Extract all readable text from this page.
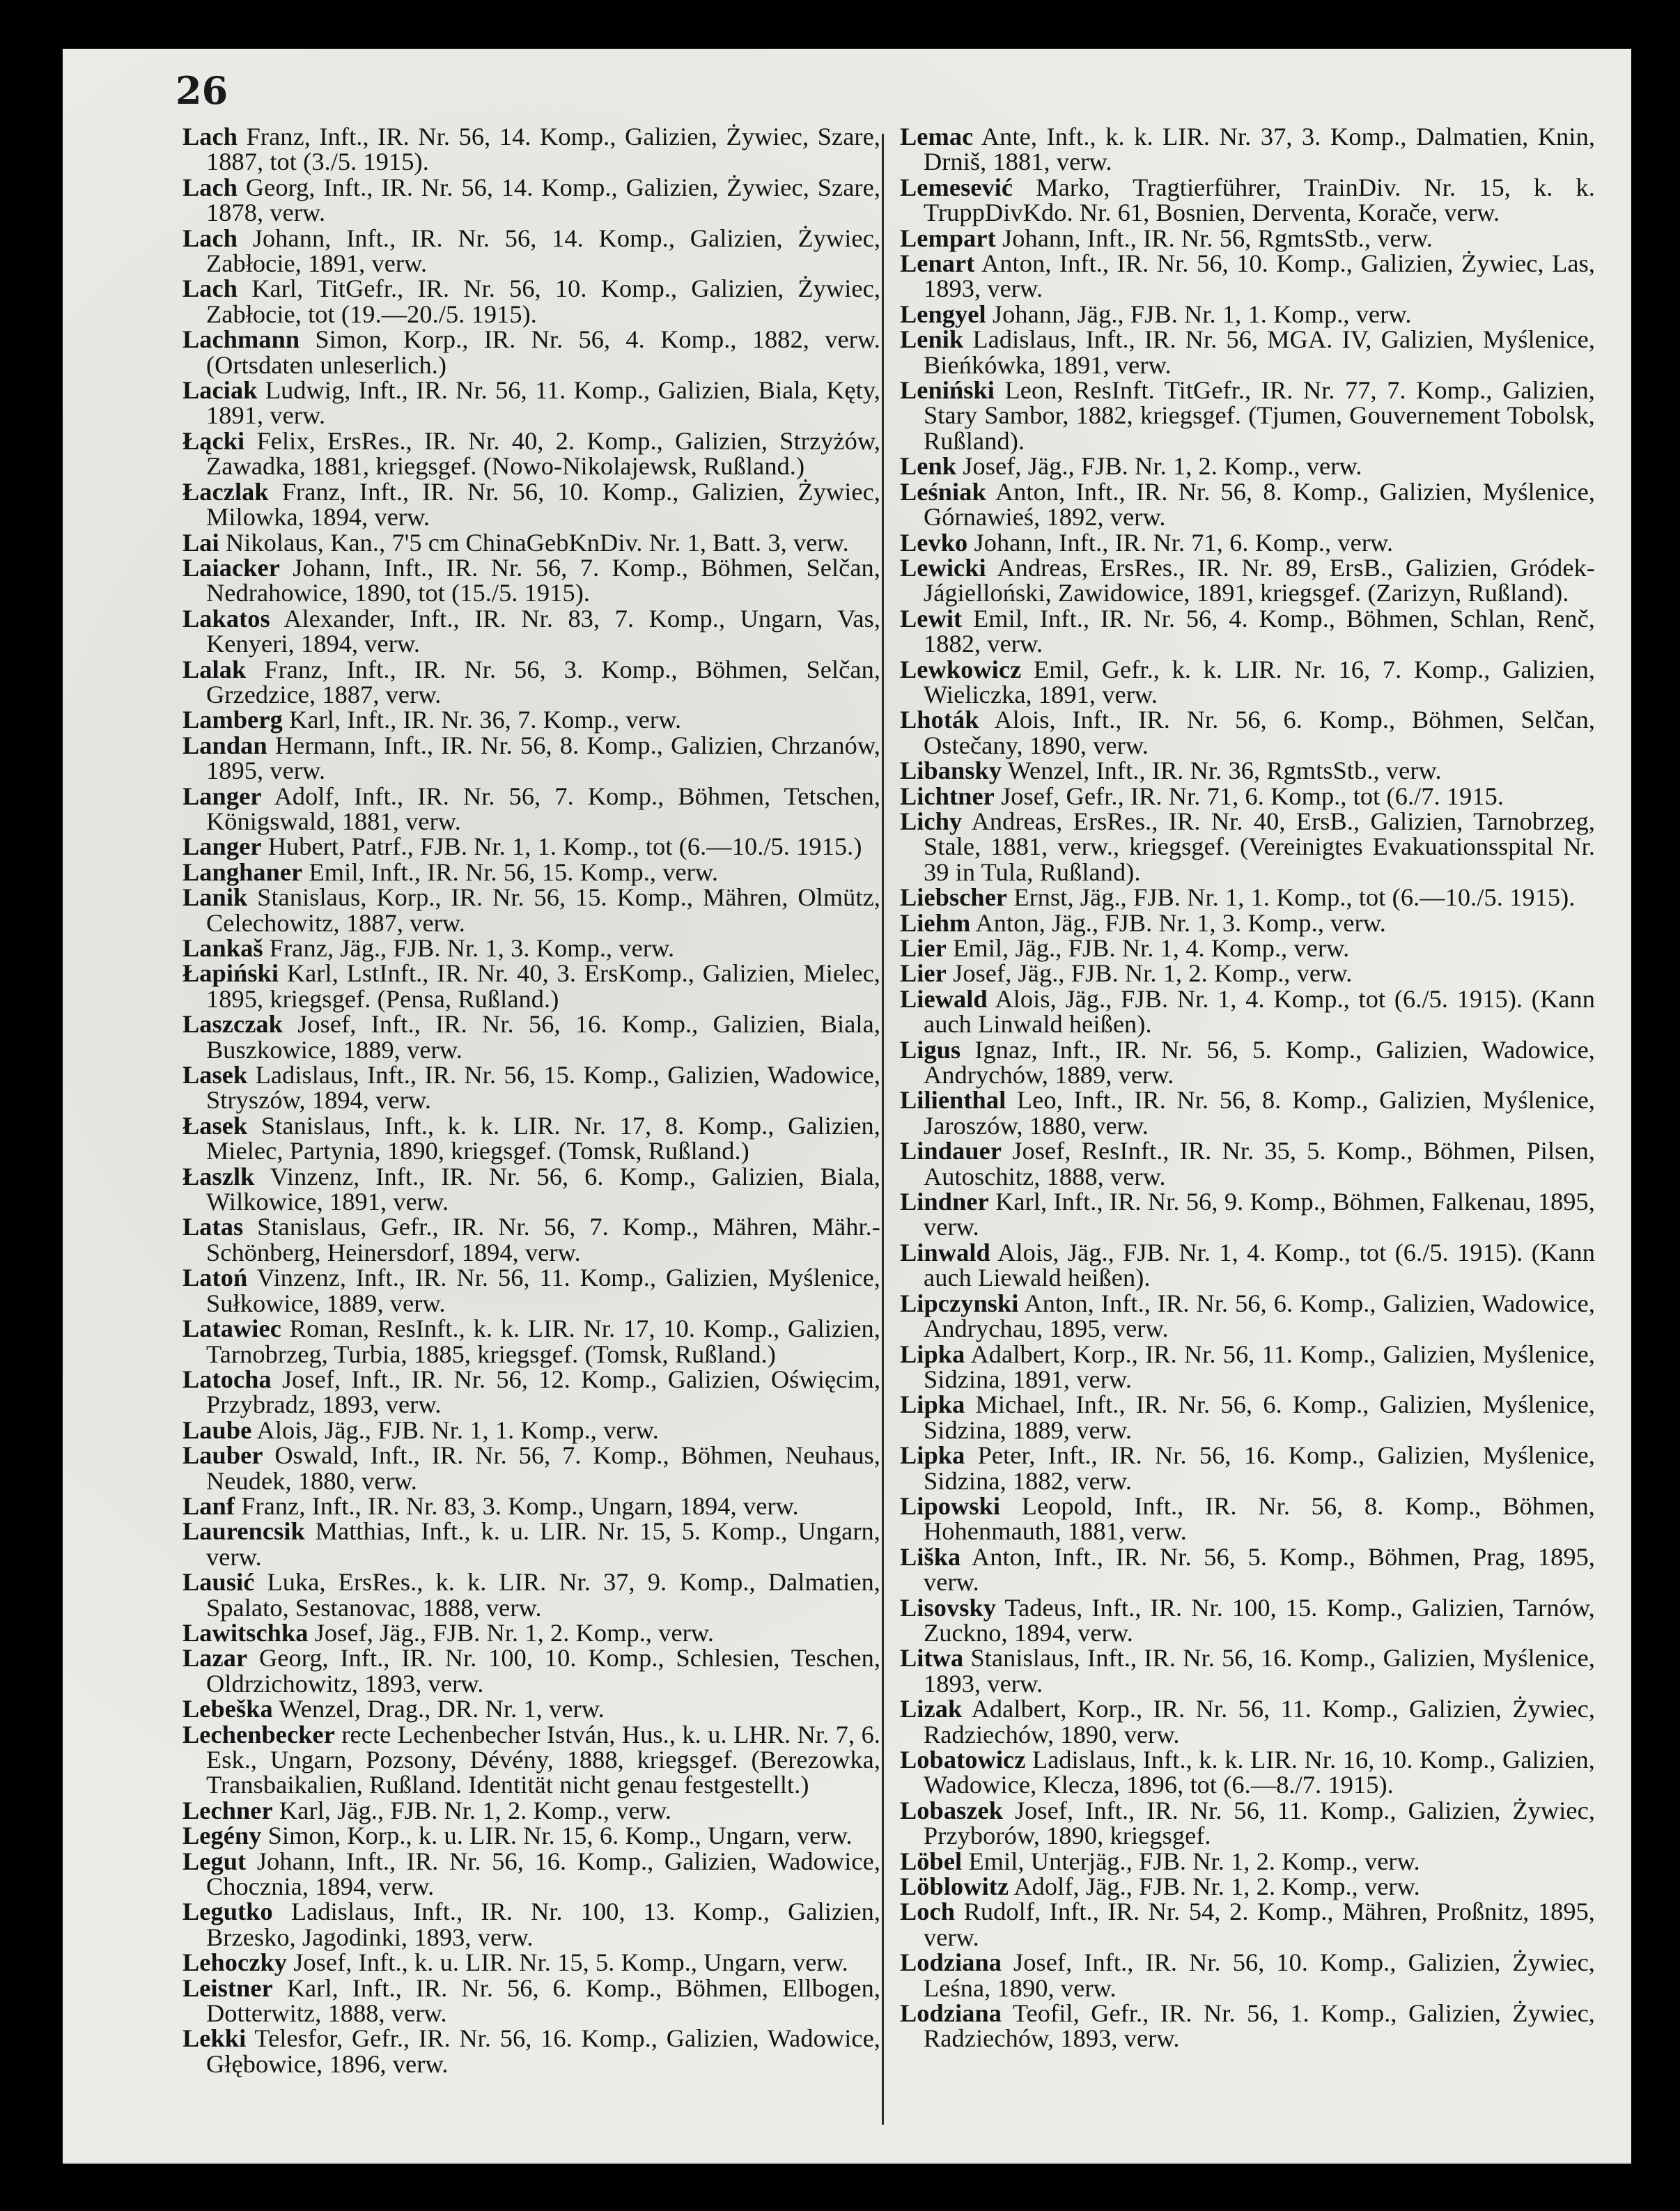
26
Lach Franz, Inft., IR. Nr. 56, 14. Komp., Galizien, Żywiec, Szare, 1887, tot (3./5. 1915).
Lach Georg, Inft., IR. Nr. 56, 14. Komp., Galizien, Żywiec, Szare, 1878, verw.
Lach Johann, Inft., IR. Nr. 56, 14. Komp., Galizien, Żywiec, Zabłocie, 1891, verw.
Lach Karl, TitGefr., IR. Nr. 56, 10. Komp., Galizien, Żywiec, Zabłocie, tot (19.—20./5. 1915).
Lachmann Simon, Korp., IR. Nr. 56, 4. Komp., 1882, verw. (Ortsdaten unleserlich.)
Laciak Ludwig, Inft., IR. Nr. 56, 11. Komp., Galizien, Biala, Kęty, 1891, verw.
Łącki Felix, ErsRes., IR. Nr. 40, 2. Komp., Galizien, Strzyżów, Zawadka, 1881, kriegsgef. (Nowo-Nikolajewsk, Rußland.)
Łaczlak Franz, Inft., IR. Nr. 56, 10. Komp., Galizien, Żywiec, Milowka, 1894, verw.
Lai Nikolaus, Kan., 7'5 cm ChinaGebKnDiv. Nr. 1, Batt. 3, verw.
Laiacker Johann, Inft., IR. Nr. 56, 7. Komp., Böhmen, Selčan, Nedrahowice, 1890, tot (15./5. 1915).
Lakatos Alexander, Inft., IR. Nr. 83, 7. Komp., Ungarn, Vas, Kenyeri, 1894, verw.
Lalak Franz, Inft., IR. Nr. 56, 3. Komp., Böhmen, Selčan, Grzedzice, 1887, verw.
Lamberg Karl, Inft., IR. Nr. 36, 7. Komp., verw.
Landan Hermann, Inft., IR. Nr. 56, 8. Komp., Galizien, Chrzanów, 1895, verw.
Langer Adolf, Inft., IR. Nr. 56, 7. Komp., Böhmen, Tetschen, Königswald, 1881, verw.
Langer Hubert, Patrf., FJB. Nr. 1, 1. Komp., tot (6.—10./5. 1915.)
Langhaner Emil, Inft., IR. Nr. 56, 15. Komp., verw.
Lanik Stanislaus, Korp., IR. Nr. 56, 15. Komp., Mähren, Olmütz, Celechowitz, 1887, verw.
Lankaš Franz, Jäg., FJB. Nr. 1, 3. Komp., verw.
Łapiński Karl, LstInft., IR. Nr. 40, 3. ErsKomp., Galizien, Mielec, 1895, kriegsgef. (Pensa, Rußland.)
Laszczak Josef, Inft., IR. Nr. 56, 16. Komp., Galizien, Biala, Buszkowice, 1889, verw.
Lasek Ladislaus, Inft., IR. Nr. 56, 15. Komp., Galizien, Wadowice, Stryszów, 1894, verw.
Łasek Stanislaus, Inft., k. k. LIR. Nr. 17, 8. Komp., Galizien, Mielec, Partynia, 1890, kriegsgef. (Tomsk, Rußland.)
Łaszlk Vinzenz, Inft., IR. Nr. 56, 6. Komp., Galizien, Biala, Wilkowice, 1891, verw.
Latas Stanislaus, Gefr., IR. Nr. 56, 7. Komp., Mähren, Mähr.-Schönberg, Heinersdorf, 1894, verw.
Latoń Vinzenz, Inft., IR. Nr. 56, 11. Komp., Galizien, Myślenice, Sułkowice, 1889, verw.
Latawiec Roman, ResInft., k. k. LIR. Nr. 17, 10. Komp., Galizien, Tarnobrzeg, Turbia, 1885, kriegsgef. (Tomsk, Rußland.)
Latocha Josef, Inft., IR. Nr. 56, 12. Komp., Galizien, Oświęcim, Przybradz, 1893, verw.
Laube Alois, Jäg., FJB. Nr. 1, 1. Komp., verw.
Lauber Oswald, Inft., IR. Nr. 56, 7. Komp., Böhmen, Neuhaus, Neudek, 1880, verw.
Lanf Franz, Inft., IR. Nr. 83, 3. Komp., Ungarn, 1894, verw.
Laurencsik Matthias, Inft., k. u. LIR. Nr. 15, 5. Komp., Ungarn, verw.
Lausić Luka, ErsRes., k. k. LIR. Nr. 37, 9. Komp., Dalmatien, Spalato, Sestanovac, 1888, verw.
Lawitschka Josef, Jäg., FJB. Nr. 1, 2. Komp., verw.
Lazar Georg, Inft., IR. Nr. 100, 10. Komp., Schlesien, Teschen, Oldrzichowitz, 1893, verw.
Lebeška Wenzel, Drag., DR. Nr. 1, verw.
Lechenbecker recte Lechenbecher István, Hus., k. u. LHR. Nr. 7, 6. Esk., Ungarn, Pozsony, Dévény, 1888, kriegsgef. (Berezowka, Transbaikalien, Rußland. Identität nicht genau festgestellt.)
Lechner Karl, Jäg., FJB. Nr. 1, 2. Komp., verw.
Legény Simon, Korp., k. u. LIR. Nr. 15, 6. Komp., Ungarn, verw.
Legut Johann, Inft., IR. Nr. 56, 16. Komp., Galizien, Wadowice, Chocznia, 1894, verw.
Legutko Ladislaus, Inft., IR. Nr. 100, 13. Komp., Galizien, Brzesko, Jagodinki, 1893, verw.
Lehoczky Josef, Inft., k. u. LIR. Nr. 15, 5. Komp., Ungarn, verw.
Leistner Karl, Inft., IR. Nr. 56, 6. Komp., Böhmen, Ellbogen, Dotterwitz, 1888, verw.
Lekki Telesfor, Gefr., IR. Nr. 56, 16. Komp., Galizien, Wadowice, Głębowice, 1896, verw.
Lemac Ante, Inft., k. k. LIR. Nr. 37, 3. Komp., Dalmatien, Knin, Drniš, 1881, verw.
Lemesević Marko, Tragtierführer, TrainDiv. Nr. 15, k. k. TruppDivKdo. Nr. 61, Bosnien, Derventa, Korače, verw.
Lempart Johann, Inft., IR. Nr. 56, RgmtsStb., verw.
Lenart Anton, Inft., IR. Nr. 56, 10. Komp., Galizien, Żywiec, Las, 1893, verw.
Lengyel Johann, Jäg., FJB. Nr. 1, 1. Komp., verw.
Lenik Ladislaus, Inft., IR. Nr. 56, MGA. IV, Galizien, Myślenice, Bieńkówka, 1891, verw.
Leniński Leon, ResInft. TitGefr., IR. Nr. 77, 7. Komp., Galizien, Stary Sambor, 1882, kriegsgef. (Tjumen, Gouvernement Tobolsk, Rußland).
Lenk Josef, Jäg., FJB. Nr. 1, 2. Komp., verw.
Leśniak Anton, Inft., IR. Nr. 56, 8. Komp., Galizien, Myślenice, Górnawieś, 1892, verw.
Levko Johann, Inft., IR. Nr. 71, 6. Komp., verw.
Lewicki Andreas, ErsRes., IR. Nr. 89, ErsB., Galizien, Gródek-Jágielloński, Zawidowice, 1891, kriegsgef. (Zarizyn, Rußland).
Lewit Emil, Inft., IR. Nr. 56, 4. Komp., Böhmen, Schlan, Renč, 1882, verw.
Lewkowicz Emil, Gefr., k. k. LIR. Nr. 16, 7. Komp., Galizien, Wieliczka, 1891, verw.
Lhoták Alois, Inft., IR. Nr. 56, 6. Komp., Böhmen, Selčan, Ostečany, 1890, verw.
Libansky Wenzel, Inft., IR. Nr. 36, RgmtsStb., verw.
Lichtner Josef, Gefr., IR. Nr. 71, 6. Komp., tot (6./7. 1915.
Lichy Andreas, ErsRes., IR. Nr. 40, ErsB., Galizien, Tarnobrzeg, Stale, 1881, verw., kriegsgef. (Vereinigtes Evakuationsspital Nr. 39 in Tula, Rußland).
Liebscher Ernst, Jäg., FJB. Nr. 1, 1. Komp., tot (6.—10./5. 1915).
Liehm Anton, Jäg., FJB. Nr. 1, 3. Komp., verw.
Lier Emil, Jäg., FJB. Nr. 1, 4. Komp., verw.
Lier Josef, Jäg., FJB. Nr. 1, 2. Komp., verw.
Liewald Alois, Jäg., FJB. Nr. 1, 4. Komp., tot (6./5. 1915). (Kann auch Linwald heißen).
Ligus Ignaz, Inft., IR. Nr. 56, 5. Komp., Galizien, Wadowice, Andrychów, 1889, verw.
Lilienthal Leo, Inft., IR. Nr. 56, 8. Komp., Galizien, Myślenice, Jaroszów, 1880, verw.
Lindauer Josef, ResInft., IR. Nr. 35, 5. Komp., Böhmen, Pilsen, Autoschitz, 1888, verw.
Lindner Karl, Inft., IR. Nr. 56, 9. Komp., Böhmen, Falkenau, 1895, verw.
Linwald Alois, Jäg., FJB. Nr. 1, 4. Komp., tot (6./5. 1915). (Kann auch Liewald heißen).
Lipczynski Anton, Inft., IR. Nr. 56, 6. Komp., Galizien, Wadowice, Andrychau, 1895, verw.
Lipka Adalbert, Korp., IR. Nr. 56, 11. Komp., Galizien, Myślenice, Sidzina, 1891, verw.
Lipka Michael, Inft., IR. Nr. 56, 6. Komp., Galizien, Myślenice, Sidzina, 1889, verw.
Lipka Peter, Inft., IR. Nr. 56, 16. Komp., Galizien, Myślenice, Sidzina, 1882, verw.
Lipowski Leopold, Inft., IR. Nr. 56, 8. Komp., Böhmen, Hohenmauth, 1881, verw.
Liška Anton, Inft., IR. Nr. 56, 5. Komp., Böhmen, Prag, 1895, verw.
Lisovsky Tadeus, Inft., IR. Nr. 100, 15. Komp., Galizien, Tarnów, Zuckno, 1894, verw.
Litwa Stanislaus, Inft., IR. Nr. 56, 16. Komp., Galizien, Myślenice, 1893, verw.
Lizak Adalbert, Korp., IR. Nr. 56, 11. Komp., Galizien, Żywiec, Radziechów, 1890, verw.
Lobatowicz Ladislaus, Inft., k. k. LIR. Nr. 16, 10. Komp., Galizien, Wadowice, Klecza, 1896, tot (6.—8./7. 1915).
Lobaszek Josef, Inft., IR. Nr. 56, 11. Komp., Galizien, Żywiec, Przyborów, 1890, kriegsgef.
Löbel Emil, Unterjäg., FJB. Nr. 1, 2. Komp., verw.
Löblowitz Adolf, Jäg., FJB. Nr. 1, 2. Komp., verw.
Loch Rudolf, Inft., IR. Nr. 54, 2. Komp., Mähren, Proßnitz, 1895, verw.
Lodziana Josef, Inft., IR. Nr. 56, 10. Komp., Galizien, Żywiec, Leśna, 1890, verw.
Lodziana Teofil, Gefr., IR. Nr. 56, 1. Komp., Galizien, Żywiec, Radziechów, 1893, verw.
